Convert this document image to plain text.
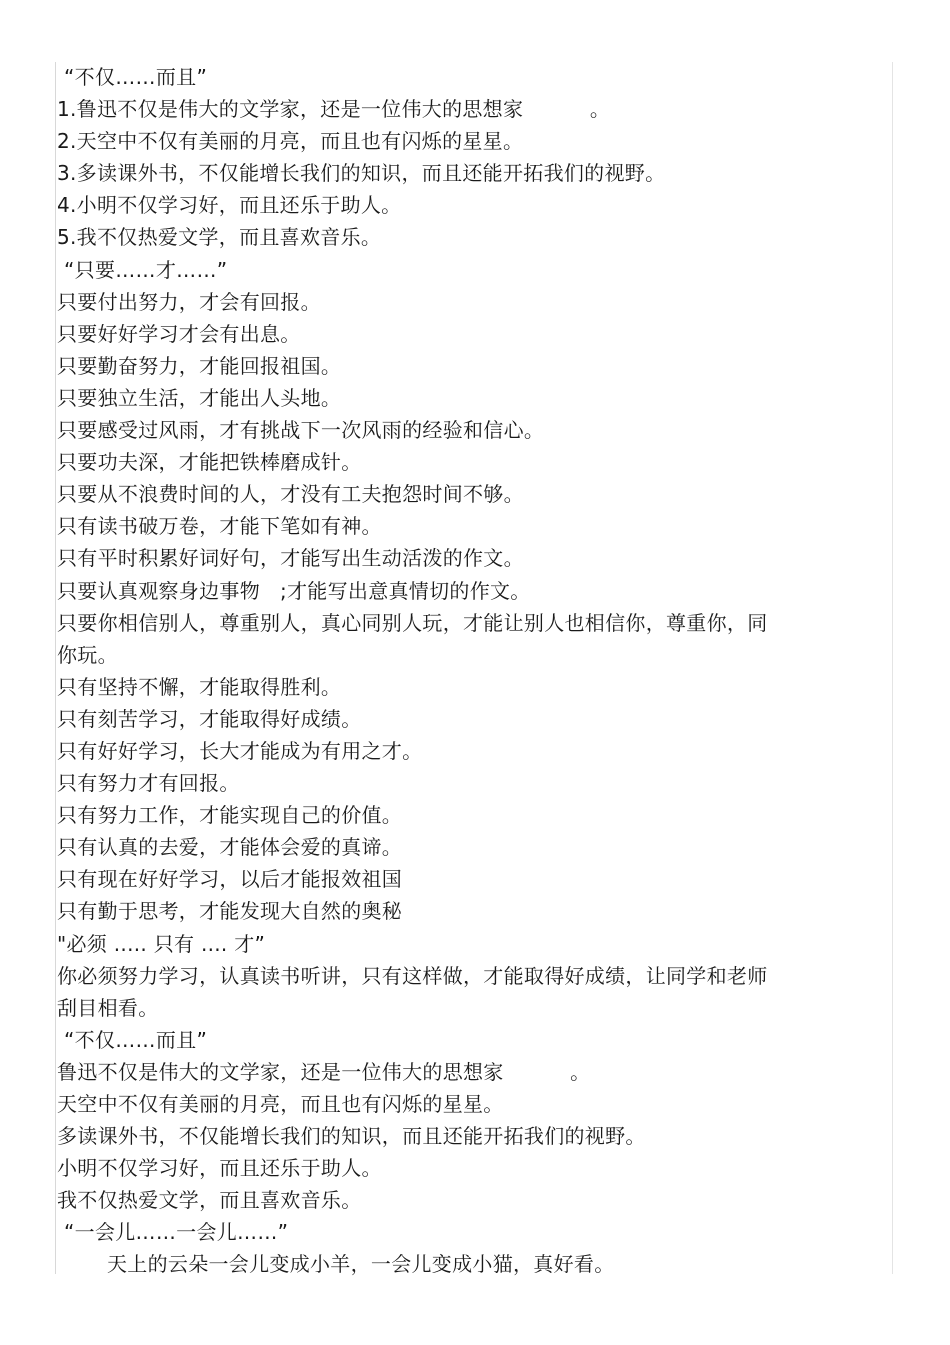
“不仅……而且”
1.鲁迅不仅是伟大的文学家，还是一位伟大的思想家          。
2.天空中不仅有美丽的月亮，而且也有闪烁的星星。
3.多读课外书，不仅能增长我们的知识，而且还能开拓我们的视野。
4.小明不仅学习好，而且还乐于助人。
5.我不仅热爱文学，而且喜欢音乐。
“只要……才……”
只要付出努力，才会有回报。
只要好好学习才会有出息。
只要勤奋努力，才能回报祖国。
只要独立生活，才能出人头地。
只要感受过风雨，才有挑战下一次风雨的经验和信心。
只要功夫深，才能把铁棒磨成针。
只要从不浪费时间的人，才没有工夫抱怨时间不够。
只有读书破万卷，才能下笔如有神。
只有平时积累好词好句，才能写出生动活泼的作文。
只要认真观察身边事物   ;才能写出意真情切的作文。
只要你相信别人，尊重别人，真心同别人玩，才能让别人也相信你，尊重你，同
你玩。
只有坚持不懈，才能取得胜利。
只有刻苦学习，才能取得好成绩。
只有好好学习，长大才能成为有用之才。
只有努力才有回报。
只有努力工作，才能实现自己的价值。
只有认真的去爱，才能体会爱的真谛。
只有现在好好学习，以后才能报效祖国
只有勤于思考，才能发现大自然的奥秘
"必须 ..... 只有 .... 才”
你必须努力学习，认真读书听讲，只有这样做，才能取得好成绩，让同学和老师
刮目相看。
“不仅……而且”
鲁迅不仅是伟大的文学家，还是一位伟大的思想家          。
天空中不仅有美丽的月亮，而且也有闪烁的星星。
多读课外书，不仅能增长我们的知识，而且还能开拓我们的视野。
小明不仅学习好，而且还乐于助人。
我不仅热爱文学，而且喜欢音乐。
“一会儿……一会儿……”
天上的云朵一会儿变成小羊，一会儿变成小猫，真好看。
